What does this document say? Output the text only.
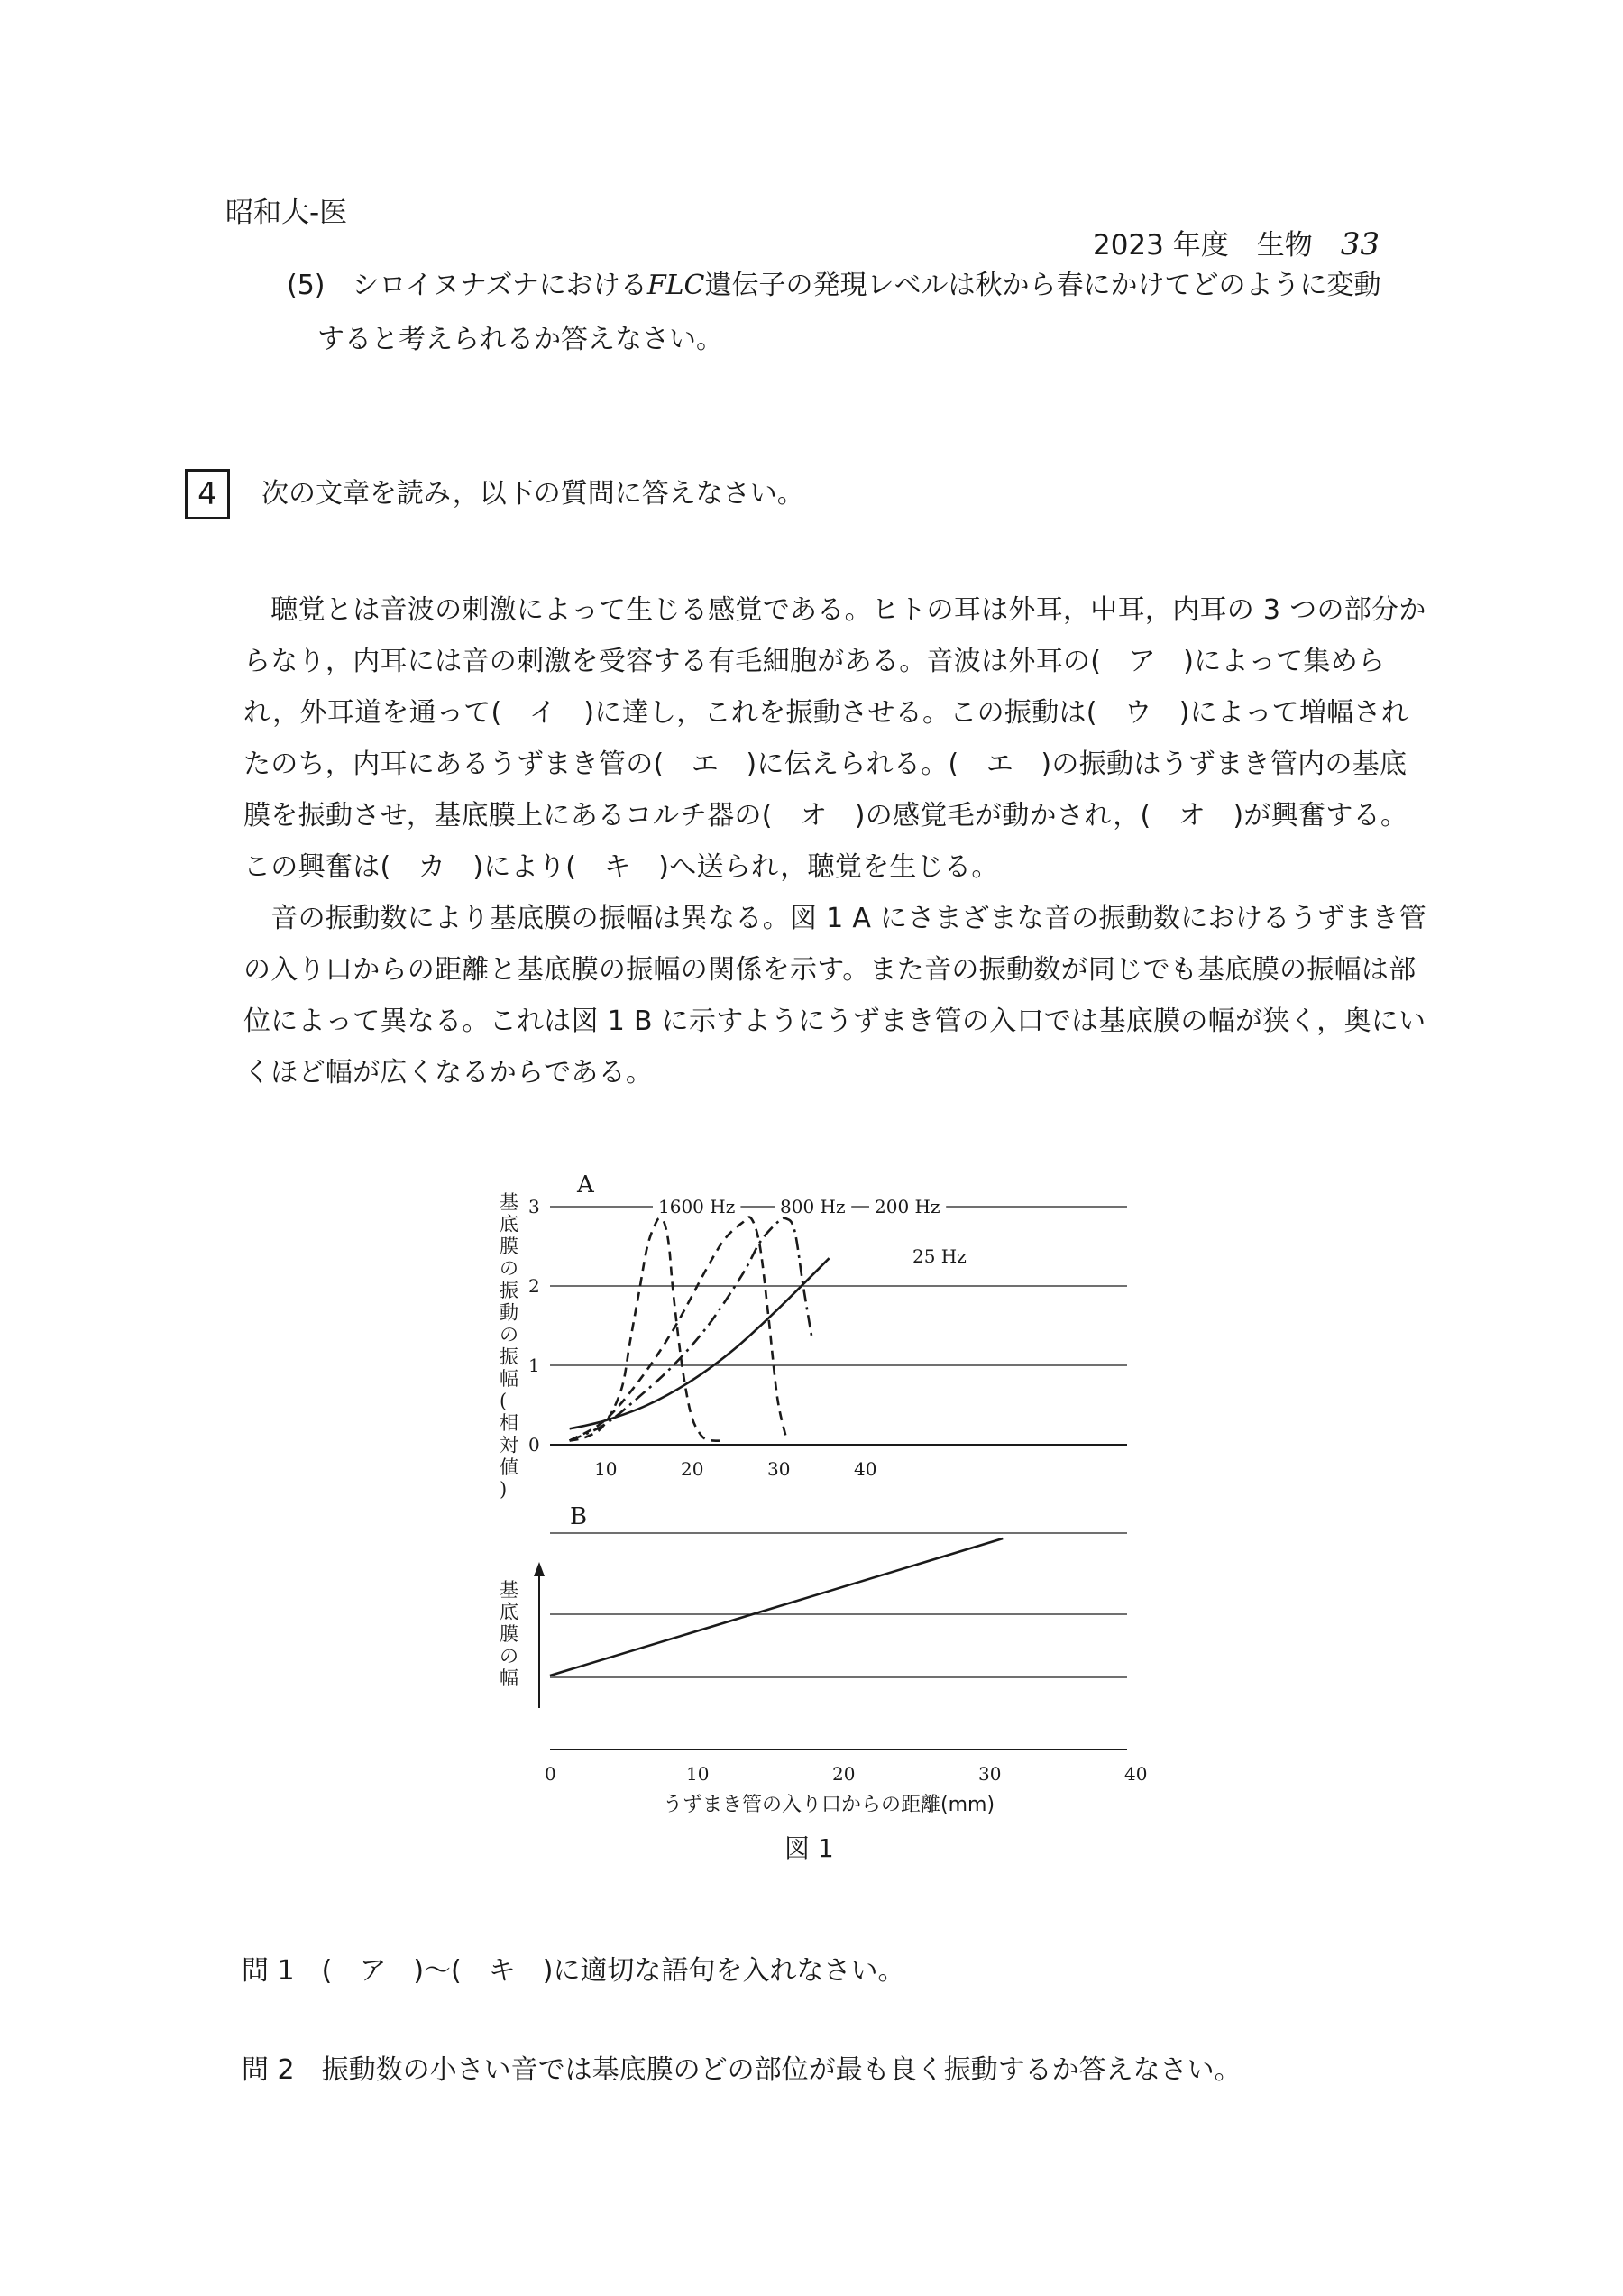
昭和大-医

2023 年度　 生物　 33

(5)　 シロイヌナズナにおけるFLC遺伝子の発現レベルは秋から春にかけてどのように変動
すると考えられるか答えなさい。
4	次の文章を読み，以下の質問に答えなさい。
　聴覚とは音波の刺激によって生じる感覚である。ヒトの耳は外耳，中耳，内耳の 3 つの部分か
らなり，内耳には音の刺激を受容する有毛細胞がある。音波は外耳の(　ア　)によって集めら
れ，外耳道を通って(　イ　)に達し，これを振動させる。この振動は(　ウ　)によって増幅され
たのち，内耳にあるうずまき管の(　エ　)に伝えられる。(　エ　)の振動はうずまき管内の基底
膜を振動させ，基底膜上にあるコルチ器の(　オ　)の感覚毛が動かされ，(　オ　)が興奮する。
この興奮は(　カ　)により(　キ　)へ送られ，聴覚を生じる。
　音の振動数により基底膜の振幅は異なる。図 1 A にさまざまな音の振動数におけるうずまき管
の入り口からの距離と基底膜の振幅の関係を示す。また音の振動数が同じでも基底膜の振幅は部
位によって異なる。これは図 1 B に示すようにうずまき管の入口では基底膜の幅が狭く，奥にい
くほど幅が広くなるからである。
基底膜の振動の振幅(相対値)
A
0
1
2
3
10	20	30	40
1600 Hz 800 Hz 200 Hz
25 Hz
B
基底膜の幅
0	10	20	30	40
うずまき管の入り口からの距離(mm)
図 1
問 1　 (　ア　)～(　キ　)に適切な語句を入れなさい。
問 2　 振動数の小さい音では基底膜のどの部位が最も良く振動するか答えなさい。
